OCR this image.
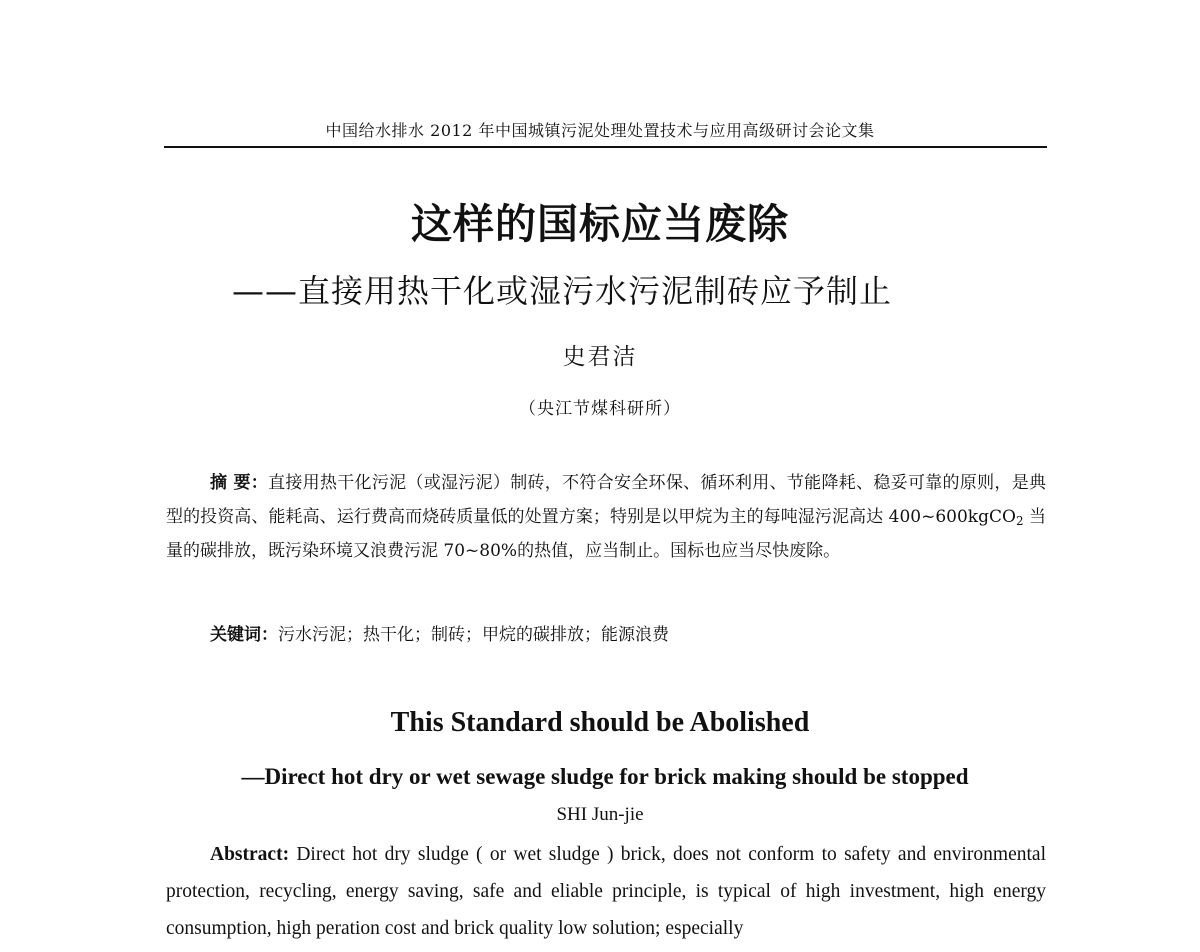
中国给水排水 2012 年中国城镇污泥处理处置技术与应用高级研讨会论文集
这样的国标应当废除
——直接用热干化或湿污水污泥制砖应予制止
史君洁
（央江节煤科研所）

摘 要：直接用热干化污泥（或湿污泥）制砖，不符合安全环保、循环利用、节能降耗、稳妥可靠的原则，是典型的投资高、能耗高、运行费高而烧砖质量低的处置方案；特别是以甲烷为主的每吨湿污泥高达 400~600kgCO$_2$ 当量的碳排放，既污染环境又浪费污泥 70~80%的热值，应当制止。国标也应当尽快废除。

关键词：污水污泥；热干化；制砖；甲烷的碳排放；能源浪费

This Standard should be Abolished
—Direct hot dry or wet sewage sludge for brick making should be stopped
SHI Jun-jie

Abstract: Direct hot dry sludge ( or wet sludge ) brick, does not conform to safety and environmental protection, recycling, energy saving, safe and eliable principle, is typical of high investment, high energy consumption, high peration cost and brick quality low solution; especially
